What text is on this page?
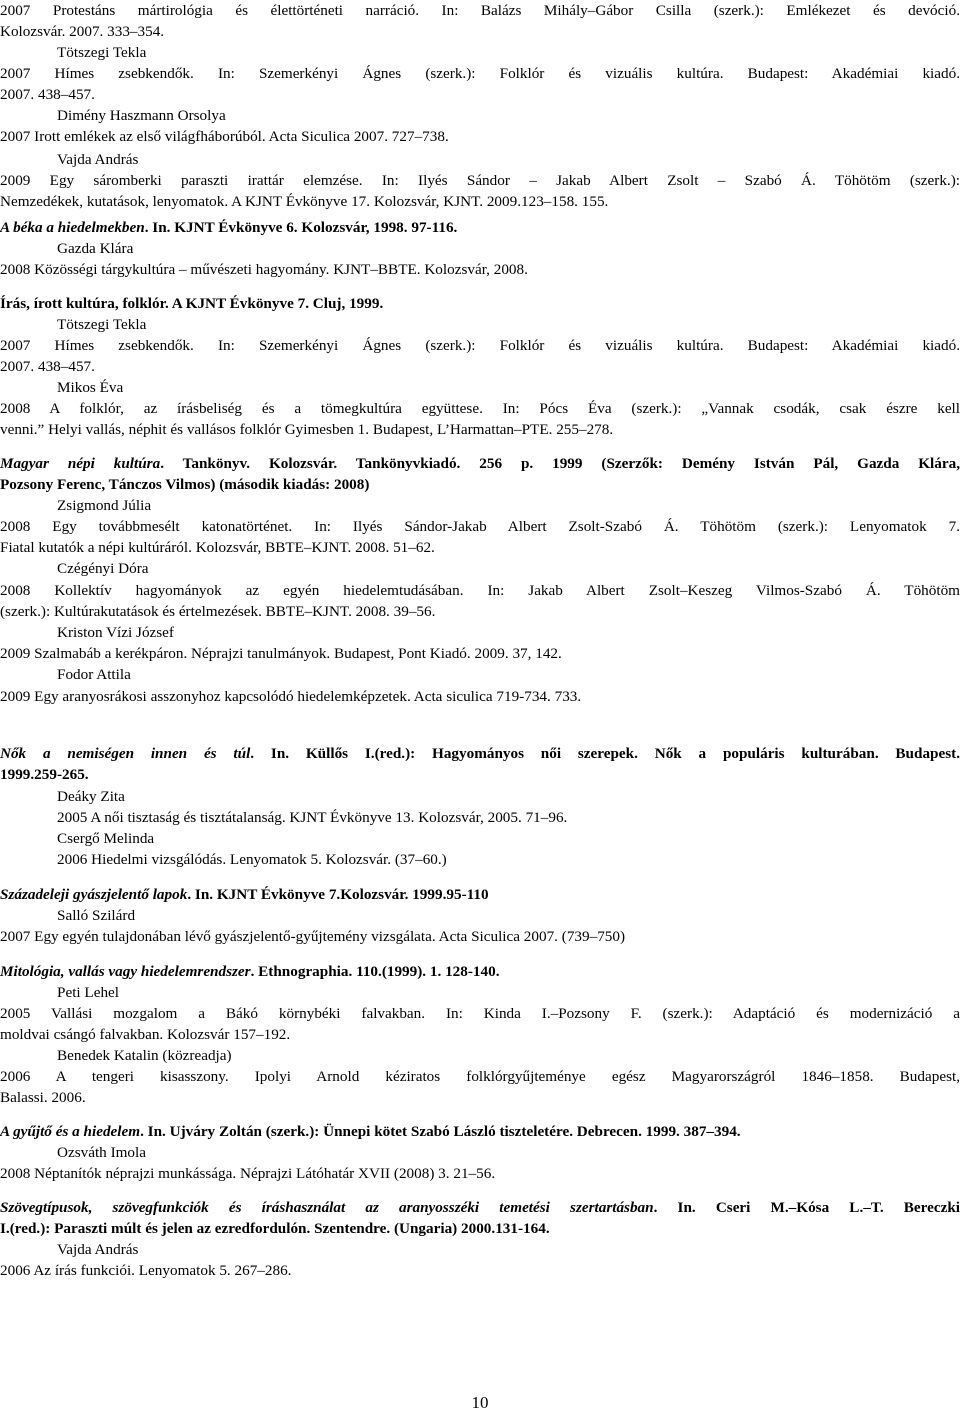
2007 Protestáns mártirológia és élettörténeti narráció. In: Balázs Mihály–Gábor Csilla (szerk.): Emlékezet és devóció.

Kolozsvár. 2007. 333–354.

Tötszegi Tekla

2007 Hímes zsebkendők. In: Szemerkényi Ágnes (szerk.): Folklór és vizuális kultúra. Budapest: Akadémiai kiadó.

2007. 438–457.

Dimény Haszmann Orsolya

2007 Irott emlékek az első világfháborúból. Acta Siculica 2007. 727–738.

Vajda András

2009 Egy sáromberki paraszti irattár elemzése. In: Ilyés Sándor – Jakab Albert Zsolt – Szabó Á. Töhötöm (szerk.):

Nemzedékek, kutatások, lenyomatok. A KJNT Évkönyve 17. Kolozsvár, KJNT. 2009.123–158. 155.

A béka a hiedelmekben. In. KJNT Évkönyve 6. Kolozsvár, 1998. 97-116.

Gazda Klára

2008 Közösségi tárgykultúra – művészeti hagyomány. KJNT–BBTE. Kolozsvár, 2008.

Írás, írott kultúra, folklór. A KJNT Évkönyve 7. Cluj, 1999.

Tötszegi Tekla

2007 Hímes zsebkendők. In: Szemerkényi Ágnes (szerk.): Folklór és vizuális kultúra. Budapest: Akadémiai kiadó.

2007. 438–457.

Mikos Éva

2008 A folklór, az írásbeliség és a tömegkultúra együttese. In: Pócs Éva (szerk.): „Vannak csodák, csak észre kell

venni.” Helyi vallás, néphit és vallásos folklór Gyimesben 1. Budapest, L’Harmattan–PTE. 255–278.

Magyar népi kultúra. Tankönyv. Kolozsvár. Tankönyvkiadó. 256 p. 1999 (Szerzők: Demény István Pál, Gazda Klára,

Pozsony Ferenc, Tánczos Vilmos) (második kiadás: 2008)

Zsigmond Júlia

2008 Egy továbbmesélt katonatörténet. In: Ilyés Sándor-Jakab Albert Zsolt-Szabó Á. Töhötöm (szerk.): Lenyomatok 7.

Fiatal kutatók a népi kultúráról. Kolozsvár, BBTE–KJNT. 2008. 51–62.

Czégényi Dóra

2008 Kollektív hagyományok az egyén hiedelemtudásában. In: Jakab Albert Zsolt–Keszeg Vilmos-Szabó Á. Töhötöm

(szerk.): Kultúrakutatások és értelmezések. BBTE–KJNT. 2008. 39–56.

Kriston Vízi József

2009 Szalmabáb a kerékpáron. Néprajzi tanulmányok. Budapest, Pont Kiadó. 2009. 37, 142.

Fodor Attila

2009 Egy aranyosrákosi asszonyhoz kapcsolódó hiedelemképzetek. Acta siculica 719-734. 733.

Nők a nemiségen innen és túl. In. Küllős I.(red.): Hagyományos női szerepek. Nők a populáris kulturában. Budapest.

1999.259-265.

Deáky Zita

2005 A női tisztaság és tisztátalanság. KJNT Évkönyve 13. Kolozsvár, 2005. 71–96.

Csergő Melinda

2006 Hiedelmi vizsgálódás. Lenyomatok 5. Kolozsvár. (37–60.)

Századeleji gyászjelentő lapok. In. KJNT Évkönyve 7.Kolozsvár. 1999.95-110

Salló Szilárd

2007 Egy egyén tulajdonában lévő gyászjelentő-gyűjtemény vizsgálata. Acta Siculica 2007. (739–750)

Mitológia, vallás vagy hiedelemrendszer. Ethnographia. 110.(1999). 1. 128-140.

Peti Lehel

2005 Vallási mozgalom a Bákó környbéki falvakban. In: Kinda I.–Pozsony F. (szerk.): Adaptáció és modernizáció a

moldvai csángó falvakban. Kolozsvár 157–192.

Benedek Katalin (közreadja)

2006 A tengeri kisasszony. Ipolyi Arnold kéziratos folklórgyűjteménye egész Magyarországról 1846–1858. Budapest,

Balassi. 2006.

A gyűjtő és a hiedelem. In. Ujváry Zoltán (szerk.): Ünnepi kötet Szabó László tiszteletére. Debrecen. 1999. 387–394.

Ozsváth Imola

2008 Néptanítók néprajzi munkássága. Néprajzi Látóhatár XVII (2008) 3. 21–56.

Szövegtípusok, szövegfunkciók és íráshasználat az aranyosszéki temetési szertartásban. In. Cseri M.–Kósa L.–T. Bereczki

I.(red.): Paraszti múlt és jelen az ezredfordulón. Szentendre. (Ungaria) 2000.131-164.

Vajda András

2006 Az írás funkciói. Lenyomatok 5. 267–286.

10
